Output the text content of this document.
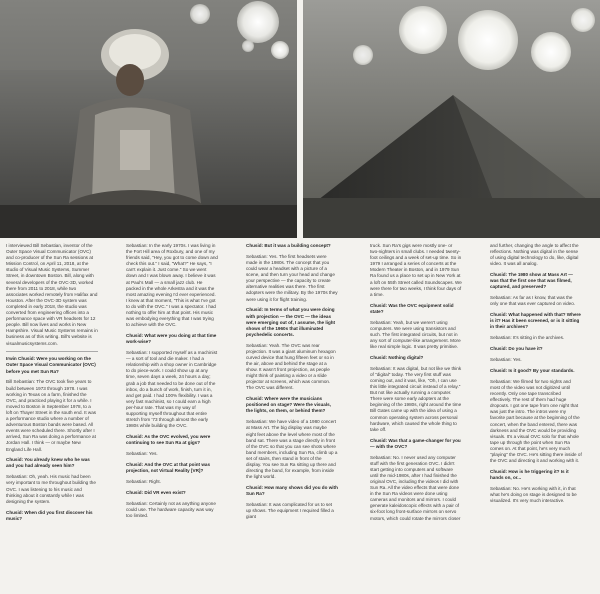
I interviewed Bill Sebastian, inventor of the Outer Space Visual Communicator (OVC) and co-producer of the Sun Ra sessions at Mission Control, on April 11, 2018, at the studio of Visual Music Systems, Summer Street, in downtown Boston. Bill, along with several developers of the OVC-3D, worked there from 2011 to 2018, while two associates worked remotely from Halifax and Houston. After the OVC-3D system was completed in early 2018, the studio was converted from engineering offices into a performance space with VR headsets for 12 people. Bill now lives and works in New Hampshire. Visual Music Systems remains in business as of this writing. Bill's website is visualmusicsystems.com.

Irwin Chusid: Were you working on the Outer Space Visual Communicator (OVC) before you met Sun Ra?

Bill Sebastian: The OVC took five years to build between 1973 through 1978. I was working in Texas on a farm, finished the OVC, and practiced playing it for a while. I moved to Boston in September 1978, to a loft on Thayer Street in the south end. It was a performance studio where a number of adventurous Boston bands were based. All events were scheduled there. Shortly after I arrived, Sun Ra was doing a performance at Jordan Hall. I think — or maybe New England Life Hall.

Chusid: You already knew who he was and you had already seen him?

Sebastian: Oh, yeah. His music had been very important to me throughout building the OVC. I was listening to his music and thinking about it constantly while I was designing the system.

Chusid: When did you first discover his music?

Sebastian: In the early 1970s. I was living in the Fort Hill area of Roxbury, and one of my friends said, "Hey, you got to come down and check this out." I said, "What?" He says, "I can't explain it. Just come." So we went down and I was blown away. I believe it was at Paul's Mall — a small jazz club. He packed in the whole Arkestra and it was the most amazing evening I'd ever experienced. I knew at that moment, "This is what I've got to do with the OVC." I was a spectator. I had nothing to offer him at that point. His music was embodying everything that I was trying to achieve with the OVC.

Chusid: What were you doing at that time work-wise?

Sebastian: I supported myself as a machinist — a sort of tool and die maker. I had a relationship with a shop owner in Cambridge to do piece-work. I could show up at any time, seven days a week, 24 hours a day; grab a job that needed to be done out of the inbox, do a bunch of work, finish, turn it in, and get paid. I had 100% flexibility. I was a very fast machinist, so I could earn a high per-hour rate. That was my way of supporting myself throughout that entire stretch from '73 through almost the early 1980s while building the OVC.

Chusid: As the OVC evolved, you were continuing to see Sun Ra at gigs?

Sebastian: Yes.

Chusid: And the OVC at that point was projection, not Virtual Reality [VR]?

Sebastian: Right.

Chusid: Did VR even exist?

Sebastian: Certainly not as anything anyone could use. The hardware capacity was way too limited.

Chusid: But it was a building concept?

Sebastian: Yes. The first headsets were made in the 1980s. The concept that you could wear a headset with a picture of a scene, and then turn your head and change your perspective — the capacity to create alternative realities was there. The first adopters were the military. By the 1970s they were using it for flight training.

Chusid: In terms of what you were doing with projection — the OVC — the ideas were emerging out of, I assume, the light shows of the 1960s that illuminated psychedelic concerts.

Sebastian: Yeah. The OVC was rear projection. It was a giant aluminum hexagon curved device that hung fifteen feet or so in the air, above and behind the stage at a show. It wasn't front projection, as people might think of painting a video or a slide projector at screens, which was common. The OVC was different.

Chusid: Where were the musicians positioned on stage? Were the visuals, the lights, on them, or behind them?

Sebastian: We have video of a 1980 concert at Mass Art. The big display was maybe eight feet above the level where most of the band sat. There was a stage directly in front of the OVC so that you can see shots where band members, including Sun Ra, climb up a set of stairs, then stand in front of the display. You see Sun Ra sitting up there and directing the band, for example, from inside the light world.

Chusid: How many shows did you do with Sun Ra?

Sebastian: It was complicated for us to set up shows. The equipment I required filled a giant

truck. Sun Ra's gigs were mostly one- or two-nighters in small clubs. I needed twenty-foot ceilings and a week of set-up time. So in 1979 I arranged a series of concerts at the Modern Theater in Boston, and in 1979 Sun Ra found us a place to set up in New York at a loft on 55th Street called Soundscapes. We were there for two weeks, I think four days of a time.

Chusid: Was the OVC equipment solid state?

Sebastian: Yeah, but we weren't using computers. We were using transistors and such. The first integrated circuits, but not in any sort of computer-like arrangement. More like real simple logic. It was pretty primitive.

Chusid: Nothing digital?

Sebastian: It was digital, but not like we think of "digital" today. The very first stuff was coming out, and it was, like, "Oh, I can use this little integrated circuit instead of a relay." But not like actually running a computer. There were some early adopters at the beginning of the 1980s, right around the time Bill Gates came up with the idea of using a common operating system across personal hardware, which caused the whole thing to take off.

Chusid: Was that a game-changer for you — with the OVC?

Sebastian: No. I never used any computer stuff with the first generation OVC. I didn't start getting into computers and software until the mid-1980s, after I had finished the original OVC, including the videos I did with Sun Ra. All the video effects that were done in the Sun Ra videos were done using cameras and monitors and mirrors. I could generate kaleidoscopic effects with a pair of six-foot long front-surface mirrors on servo motors, which could rotate the mirrors closer

and further, changing the angle to affect the reflections. Nothing was digital in the sense of using digital technology to do, like, digital video. It was all analog.

Chusid: The 1980 show at Mass Art — was that the first one that was filmed, captured, and preserved?

Sebastian: As far as I know, that was the only one that was ever captured on video.

Chusid: What happened with that? Where is it? Has it been screened, or is it sitting in their archives?

Sebastian: It's sitting in the archives.

Chusid: Do you have it?

Sebastian: Yes.

Chusid: Is it good? By your standards.

Sebastian: We filmed for two nights and most of the video was not digitized until recently. Only one tape transcribed effectively. The rest of them had huge dropouts. I got one tape from one night that was just the intro. The intros were my favorite part because at the beginning of the concert, when the band entered, there was darkness and the OVC would be providing visuals. It's a visual OVC solo for that whole tape up through the point when Sun Ra comes on. At that point, he's very much "playing" the OVC. He's sitting there inside of the OVC and directing it and working with it.

Chusid: How is he triggering it? Is it hands on, or...

Sebastian: No. He's working with it, in that what he's doing on stage is designed to be visualized. It's very much interactive.
